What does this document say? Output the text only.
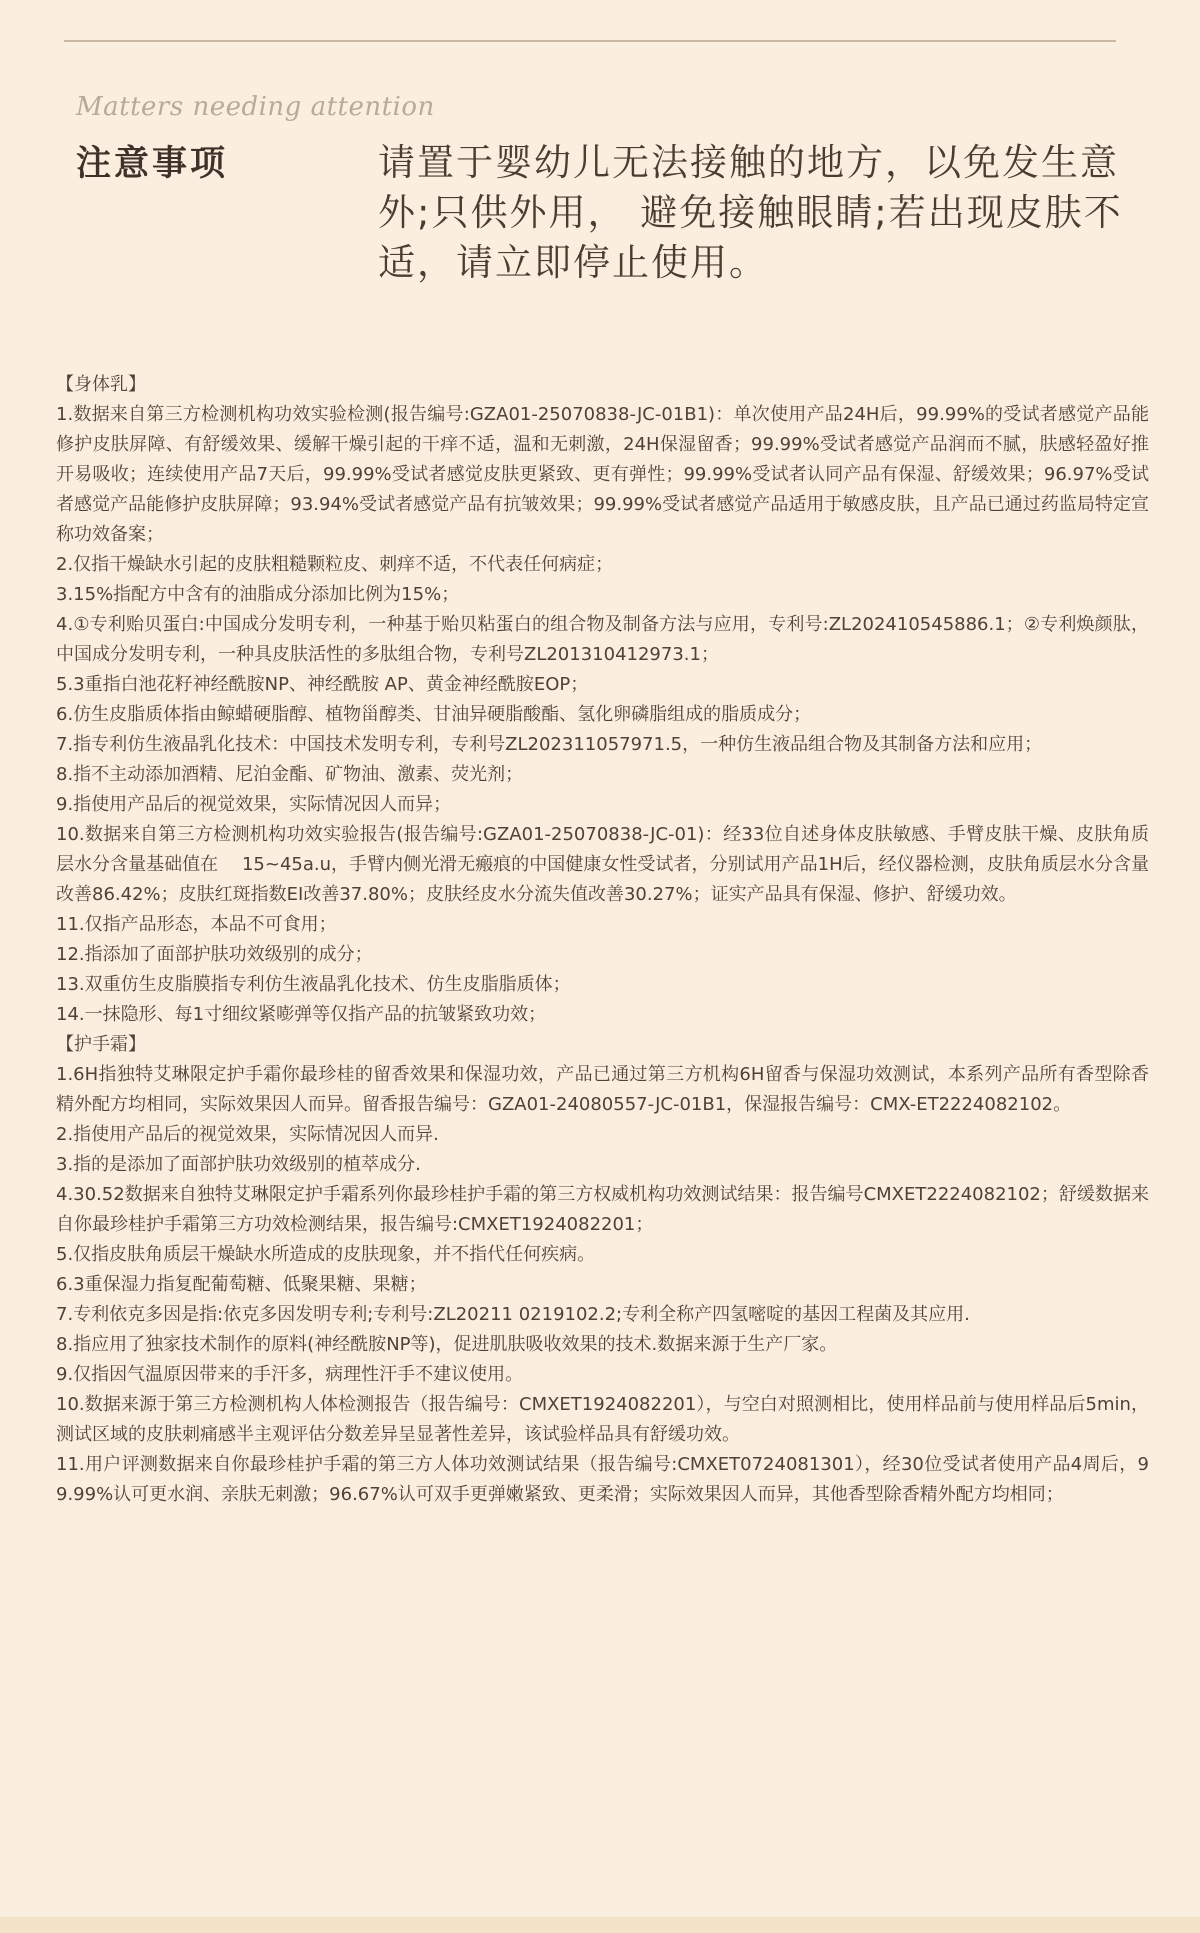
Matters needing attention
注意事项	请置于婴幼儿无法接触的地方，以免发生意外;只供外用， 避免接触眼睛;若出现皮肤不适，请立即停止使用。

【身体乳】

1.数据来自第三方检测机构功效实验检测(报告编号:GZA01-25070838-JC-01B1)：单次使用产品24H后，99.99%的受试者感觉产品能修护皮肤屏障、有舒缓效果、缓解干燥引起的干痒不适，温和无刺激，24H保湿留香；99.99%受试者感觉产品润而不腻，肤感轻盈好推开易吸收；连续使用产品7天后，99.99%受试者感觉皮肤更紧致、更有弹性；99.99%受试者认同产品有保湿、舒缓效果；96.97%受试者感觉产品能修护皮肤屏障；93.94%受试者感觉产品有抗皱效果；99.99%受试者感觉产品适用于敏感皮肤，且产品已通过药监局特定宣称功效备案；

2.仅指干燥缺水引起的皮肤粗糙颗粒皮、刺痒不适，不代表任何病症；

3.15%指配方中含有的油脂成分添加比例为15%；

4.①专利贻贝蛋白:中国成分发明专利，一种基于贻贝粘蛋白的组合物及制备方法与应用，专利号:ZL202410545886.1；②专利焕颜肽，中国成分发明专利，一种具皮肤活性的多肽组合物，专利号ZL201310412973.1；

5.3重指白池花籽神经酰胺NP、神经酰胺 AP、黄金神经酰胺EOP；

6.仿生皮脂质体指由鲸蜡硬脂醇、植物甾醇类、甘油异硬脂酸酯、氢化卵磷脂组成的脂质成分；

7.指专利仿生液晶乳化技术：中国技术发明专利，专利号ZL202311057971.5，一种仿生液品组合物及其制备方法和应用；

8.指不主动添加酒精、尼泊金酯、矿物油、激素、荧光剂；

9.指使用产品后的视觉效果，实际情况因人而异；

10.数据来自第三方检测机构功效实验报告(报告编号:GZA01-25070838-JC-01)：经33位自述身体皮肤敏感、手臂皮肤干燥、皮肤角质层水分含量基础值在　 15~45a.u，手臂内侧光滑无瘢痕的中国健康女性受试者，分别试用产品1H后，经仪器检测，皮肤角质层水分含量改善86.42%；皮肤红斑指数EI改善37.80%；皮肤经皮水分流失值改善30.27%；证实产品具有保湿、修护、舒缓功效。

11.仅指产品形态，本品不可食用；

12.指添加了面部护肤功效级别的成分；

13.双重仿生皮脂膜指专利仿生液晶乳化技术、仿生皮脂脂质体；

14.一抹隐形、每1寸细纹紧嘭弹等仅指产品的抗皱紧致功效；

【护手霜】

1.6H指独特艾琳限定护手霜你最珍桂的留香效果和保湿功效，产品已通过第三方机构6H留香与保湿功效测试，本系列产品所有香型除香精外配方均相同，实际效果因人而异。留香报告编号：GZA01-24080557-JC-01B1，保湿报告编号：CMX-ET2224082102。

2.指使用产品后的视觉效果，实际情况因人而异.

3.指的是添加了面部护肤功效级别的植萃成分.

4.30.52数据来自独特艾琳限定护手霜系列你最珍桂护手霜的第三方权威机构功效测试结果：报告编号CMXET2224082102；舒缓数据来自你最珍桂护手霜第三方功效检测结果，报告编号:CMXET1924082201；

5.仅指皮肤角质层干燥缺水所造成的皮肤现象，并不指代任何疾病。

6.3重保湿力指复配葡萄糖、低聚果糖、果糖；

7.专利依克多因是指:依克多因发明专利;专利号:ZL20211 0219102.2;专利全称产四氢嘧啶的基因工程菌及其应用.

8.指应用了独家技术制作的原料(神经酰胺NP等)，促进肌肤吸收效果的技术.数据来源于生产厂家。

9.仅指因气温原因带来的手汗多，病理性汗手不建议使用。

10.数据来源于第三方检测机构人体检测报告（报告编号：CMXET1924082201），与空白对照测相比，使用样品前与使用样品后5min，测试区域的皮肤刺痛感半主观评估分数差异呈显著性差异，该试验样品具有舒缓功效。

11.用户评测数据来自你最珍桂护手霜的第三方人体功效测试结果（报告编号:CMXET0724081301），经30位受试者使用产品4周后，99.99%认可更水润、亲肤无刺激；96.67%认可双手更弹嫩紧致、更柔滑；实际效果因人而异，其他香型除香精外配方均相同；
